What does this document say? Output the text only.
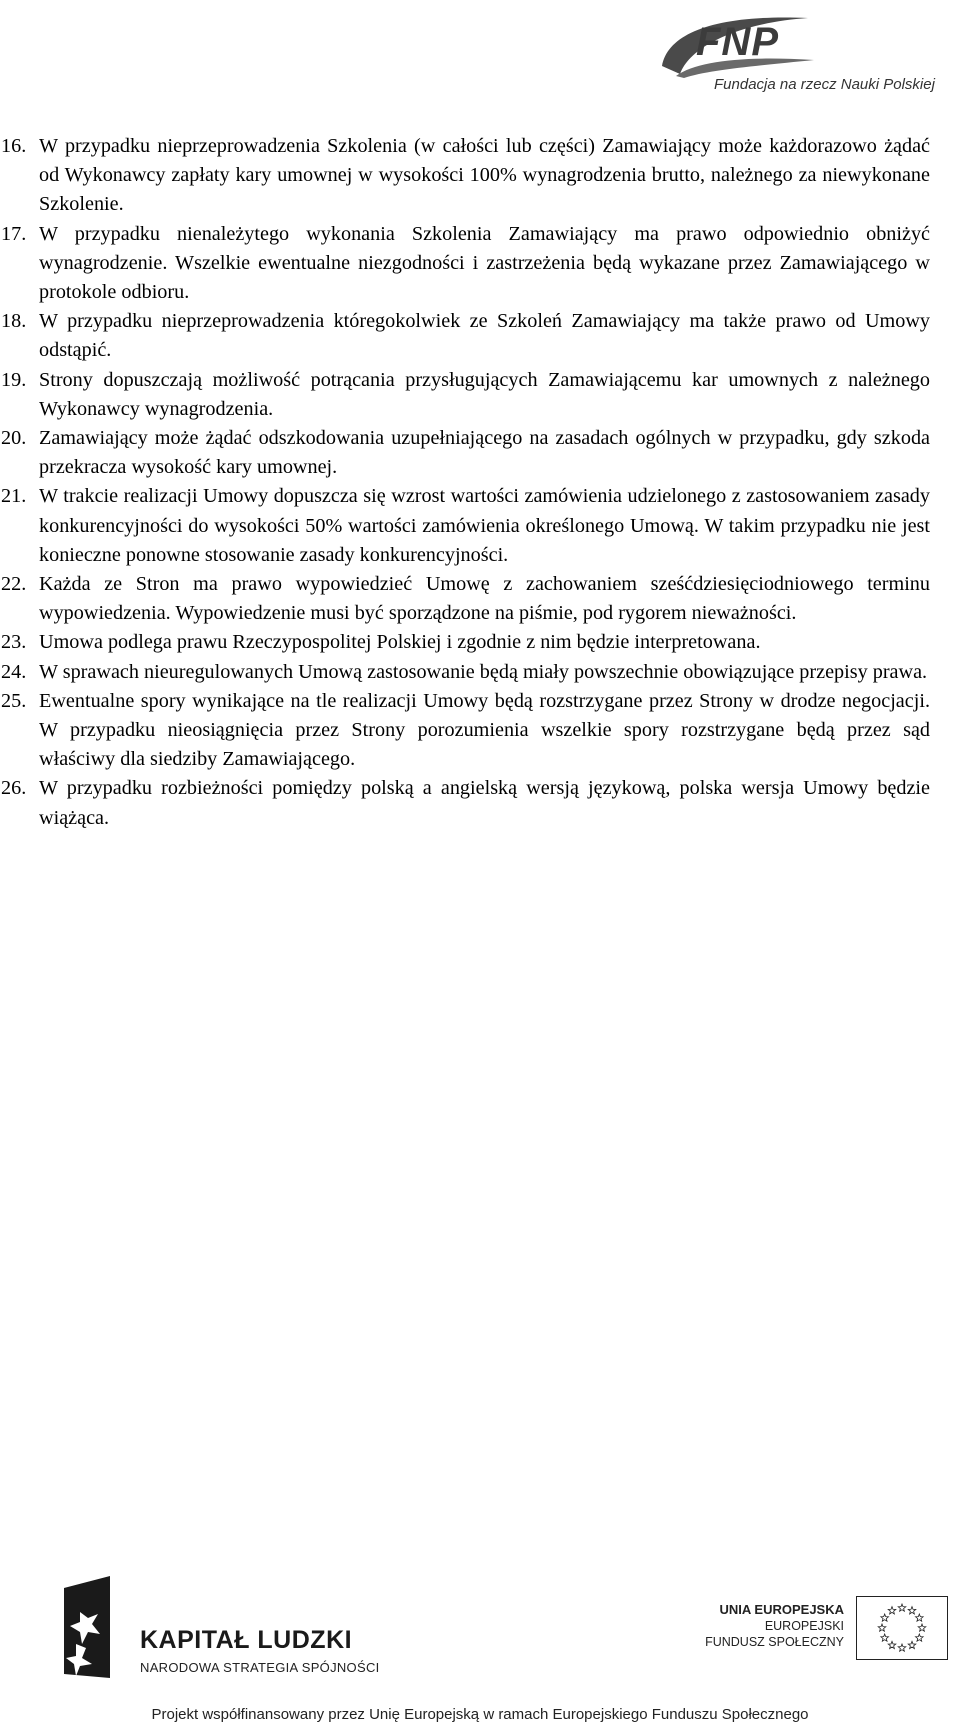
FNP
Fundacja na rzecz Nauki Polskiej
16. W przypadku nieprzeprowadzenia Szkolenia (w całości lub części) Zamawiający może każdorazowo żądać od Wykonawcy zapłaty kary umownej w wysokości 100% wynagrodzenia brutto, należnego za niewykonane Szkolenie.
17. W przypadku nienależytego wykonania Szkolenia Zamawiający ma prawo odpowiednio obniżyć wynagrodzenie. Wszelkie ewentualne niezgodności i zastrzeżenia będą wykazane przez Zamawiającego w protokole odbioru.
18. W przypadku nieprzeprowadzenia któregokolwiek ze Szkoleń Zamawiający ma także prawo od Umowy odstąpić.
19. Strony dopuszczają możliwość potrącania przysługujących Zamawiającemu kar umownych z należnego Wykonawcy wynagrodzenia.
20. Zamawiający może żądać odszkodowania uzupełniającego na zasadach ogólnych w przypadku, gdy szkoda przekracza wysokość kary umownej.
21. W trakcie realizacji Umowy dopuszcza się wzrost wartości zamówienia udzielonego z zastosowaniem zasady konkurencyjności do wysokości 50% wartości zamówienia określonego Umową. W takim przypadku nie jest konieczne ponowne stosowanie zasady konkurencyjności.
22. Każda ze Stron ma prawo wypowiedzieć Umowę z zachowaniem sześćdziesięciodniowego terminu wypowiedzenia. Wypowiedzenie musi być sporządzone na piśmie, pod rygorem nieważności.
23. Umowa podlega prawu Rzeczypospolitej Polskiej i zgodnie z nim będzie interpretowana.
24. W sprawach nieuregulowanych Umową zastosowanie będą miały powszechnie obowiązujące przepisy prawa.
25. Ewentualne spory wynikające na tle realizacji Umowy będą rozstrzygane przez Strony w drodze negocjacji. W przypadku nieosiągnięcia przez Strony porozumienia wszelkie spory rozstrzygane będą przez sąd właściwy dla siedziby Zamawiającego.
26. W przypadku rozbieżności pomiędzy polską a angielską wersją językową, polska wersja Umowy będzie wiążąca.
KAPITAŁ LUDZKI
NARODOWA STRATEGIA SPÓJNOŚCI
UNIA EUROPEJSKA
EUROPEJSKI
FUNDUSZ SPOŁECZNY
Projekt współfinansowany przez Unię Europejską w ramach Europejskiego Funduszu Społecznego
